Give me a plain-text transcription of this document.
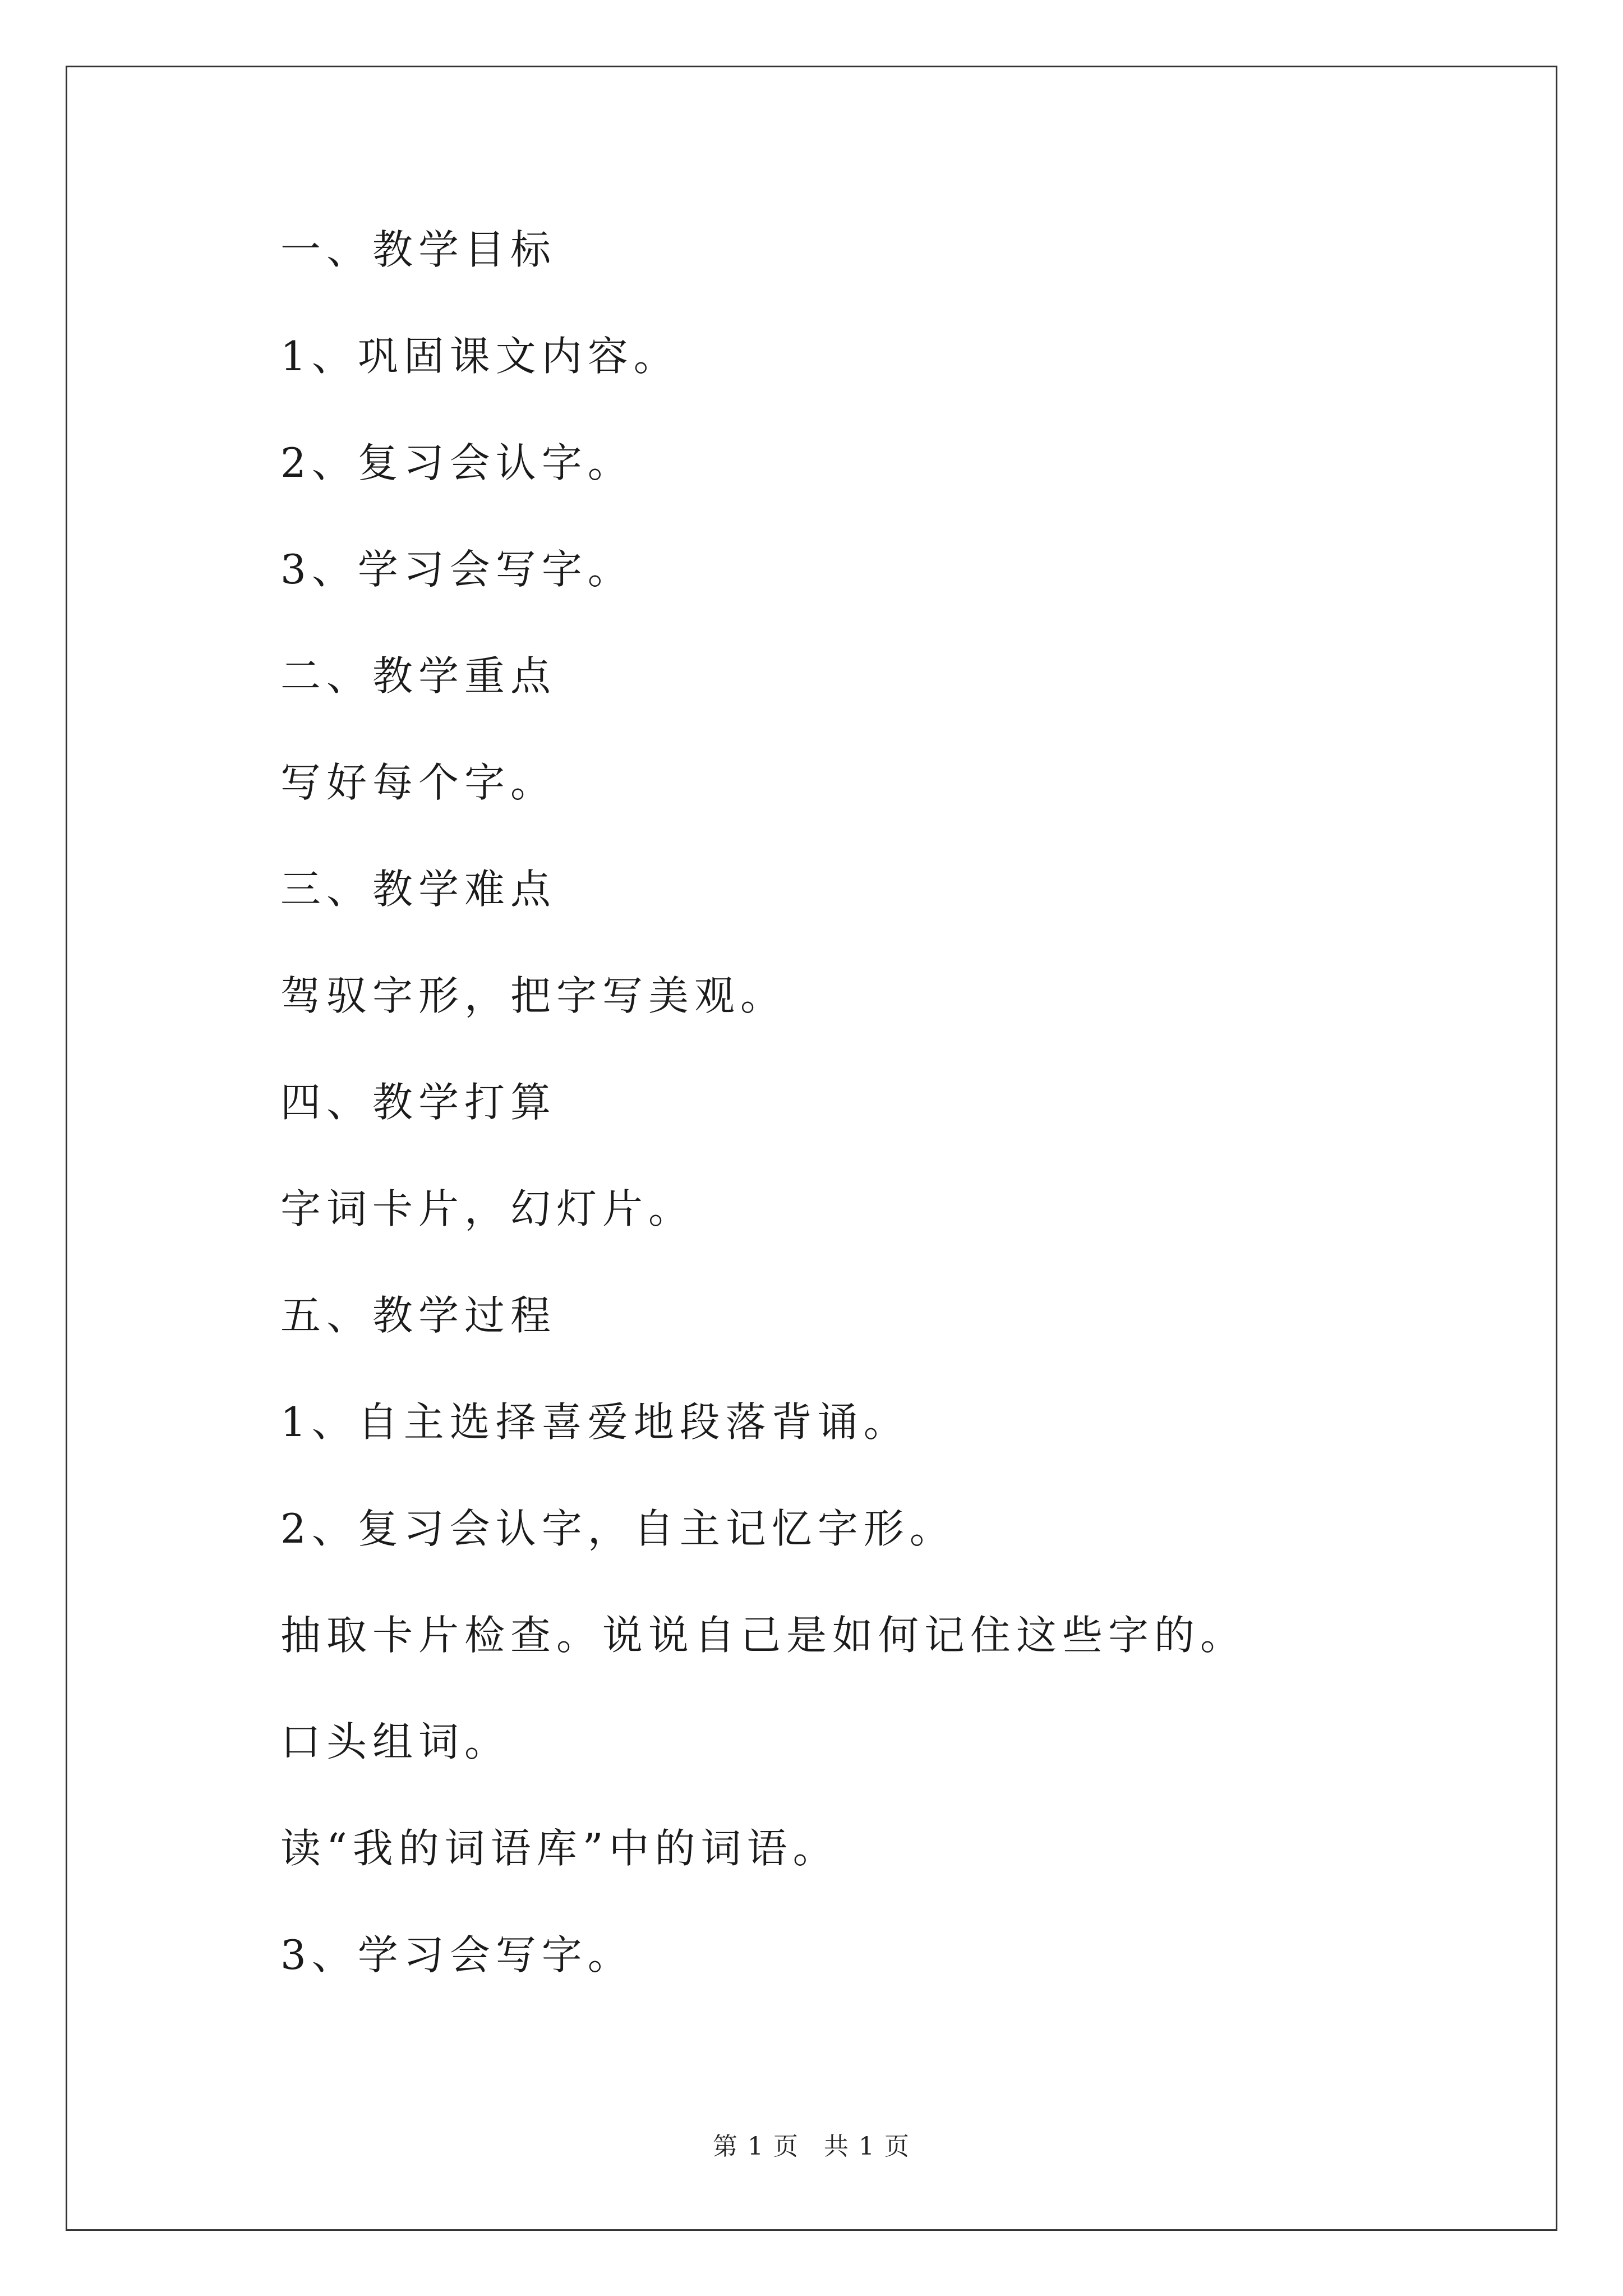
一、教学目标
1、巩固课文内容。
2、复习会认字。
3、学习会写字。
二、教学重点
写好每个字。
三、教学难点
驾驭字形，把字写美观。
四、教学打算
字词卡片，幻灯片。
五、教学过程
1、自主选择喜爱地段落背诵。
2、复习会认字，自主记忆字形。
抽取卡片检查。说说自己是如何记住这些字的。
口头组词。
读“我的词语库”中的词语。
3、学习会写字。
第 1 页 共 1 页
